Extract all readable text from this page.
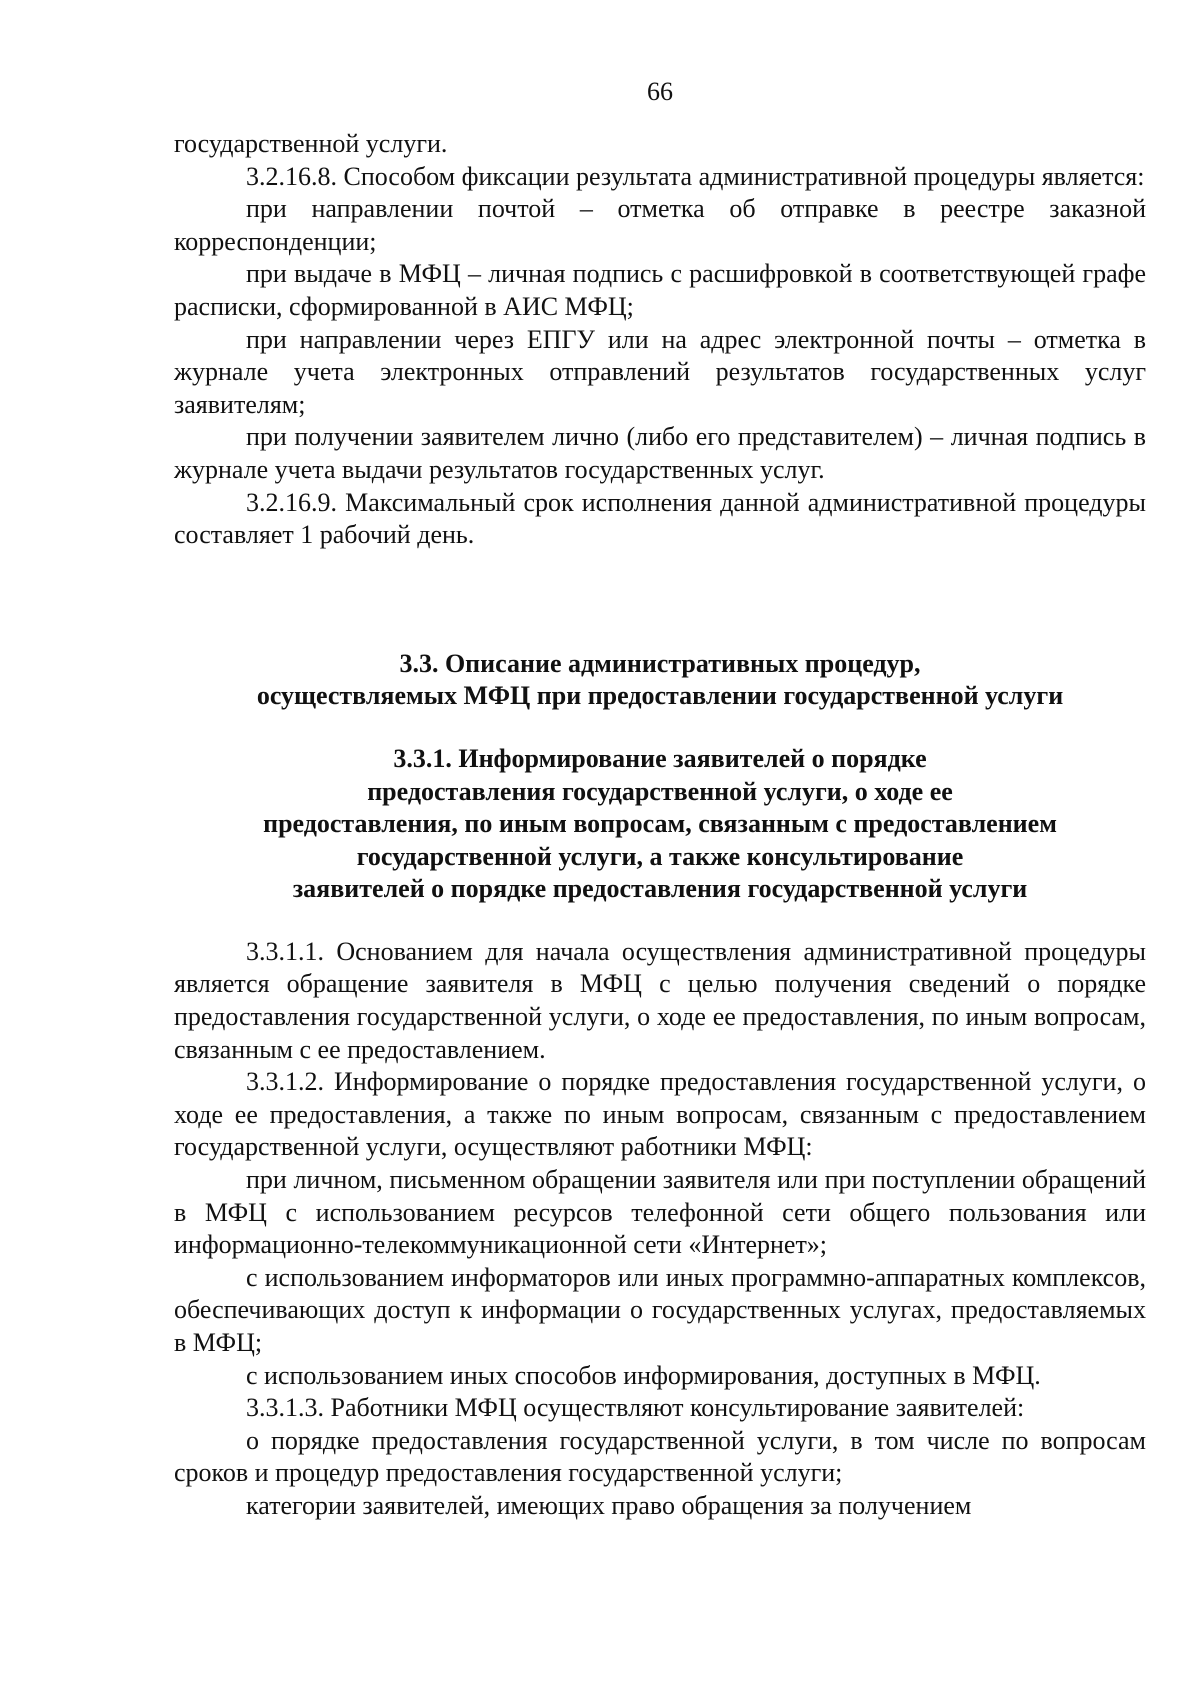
66

государственной услуги.

3.2.16.8. Способом фиксации результата административной процедуры является:

при направлении почтой – отметка об отправке в реестре заказной корреспонденции;

при выдаче в МФЦ – личная подпись с расшифровкой в соответствующей графе расписки, сформированной в АИС МФЦ;

при направлении через ЕПГУ или на адрес электронной почты – отметка в журнале учета электронных отправлений результатов государственных услуг заявителям;

при получении заявителем лично (либо его представителем) – личная подпись в журнале учета выдачи результатов государственных услуг.

3.2.16.9. Максимальный срок исполнения данной административной процедуры составляет 1 рабочий день.

3.3. Описание административных процедур,
осуществляемых МФЦ при предоставлении государственной услуги

3.3.1. Информирование заявителей о порядке
предоставления государственной услуги, о ходе ее
предоставления, по иным вопросам, связанным с предоставлением
государственной услуги, а также консультирование
заявителей о порядке предоставления государственной услуги

3.3.1.1. Основанием для начала осуществления административной процедуры является обращение заявителя в МФЦ с целью получения сведений о порядке предоставления государственной услуги, о ходе ее предоставления, по иным вопросам, связанным с ее предоставлением.

3.3.1.2. Информирование о порядке предоставления государственной услуги, о ходе ее предоставления, а также по иным вопросам, связанным с предоставлением государственной услуги, осуществляют работники МФЦ:

при личном, письменном обращении заявителя или при поступлении обращений в МФЦ с использованием ресурсов телефонной сети общего пользования или информационно-телекоммуникационной сети «Интернет»;

с использованием информаторов или иных программно-аппаратных комплексов, обеспечивающих доступ к информации о государственных услугах, предоставляемых в МФЦ;

с использованием иных способов информирования, доступных в МФЦ.

3.3.1.3. Работники МФЦ осуществляют консультирование заявителей:

о порядке предоставления государственной услуги, в том числе по вопросам сроков и процедур предоставления государственной услуги;

категории заявителей, имеющих право обращения за получением
